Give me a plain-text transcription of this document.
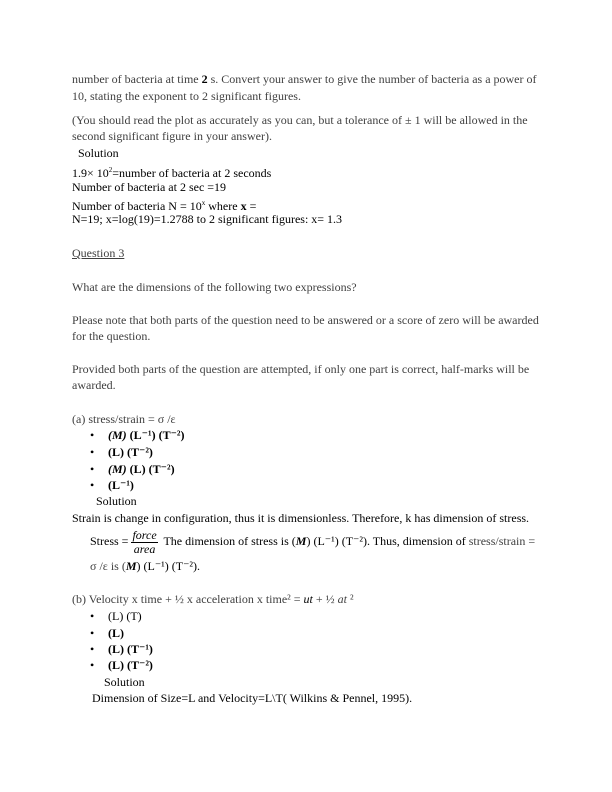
number of bacteria at time 2 s. Convert your answer to give the number of bacteria as a power of
10, stating the exponent to 2 significant figures.
(You should read the plot as accurately as you can, but a tolerance of ± 1 will be allowed in the
second significant figure in your answer).
Solution
$1.9\times 10^2=number$ of bacteria at 2 seconds
Number of bacteria at 2 sec =19
Number of bacteria $N = 10^x$ where x =
N=19; x=log(19)=1.2788 to 2 significant figures: x= 1.3
Question 3
What are the dimensions of the following two expressions?
Please note that both parts of the question need to be answered or a score of zero will be awarded
for the question.
Provided both parts of the question are attempted, if only one part is correct, half-marks will be
awarded.
(a) stress/strain = σ /ε
• (M) (L⁻¹) (T⁻²)
• (L) (T⁻²)
• (M) (L) (T⁻²)
• (L⁻¹)
Solution
Strain is change in configuration, thus it is dimensionless. Therefore, k has dimension of stress.
Stress = $\frac{\text{force}}{\text{area}}$ The dimension of stress is (M) (L⁻¹) (T⁻²). Thus, dimension of stress/strain =
σ /ε is (M) (L⁻¹) (T⁻²).
(b) Velocity x time + ½ x acceleration x time² = ut + ½ at ²
• (L) (T)
• (L)
• (L) (T⁻¹)
• (L) (T⁻²)
Solution
Dimension of Size=L and Velocity=L\T( Wilkins & Pennel, 1995).
